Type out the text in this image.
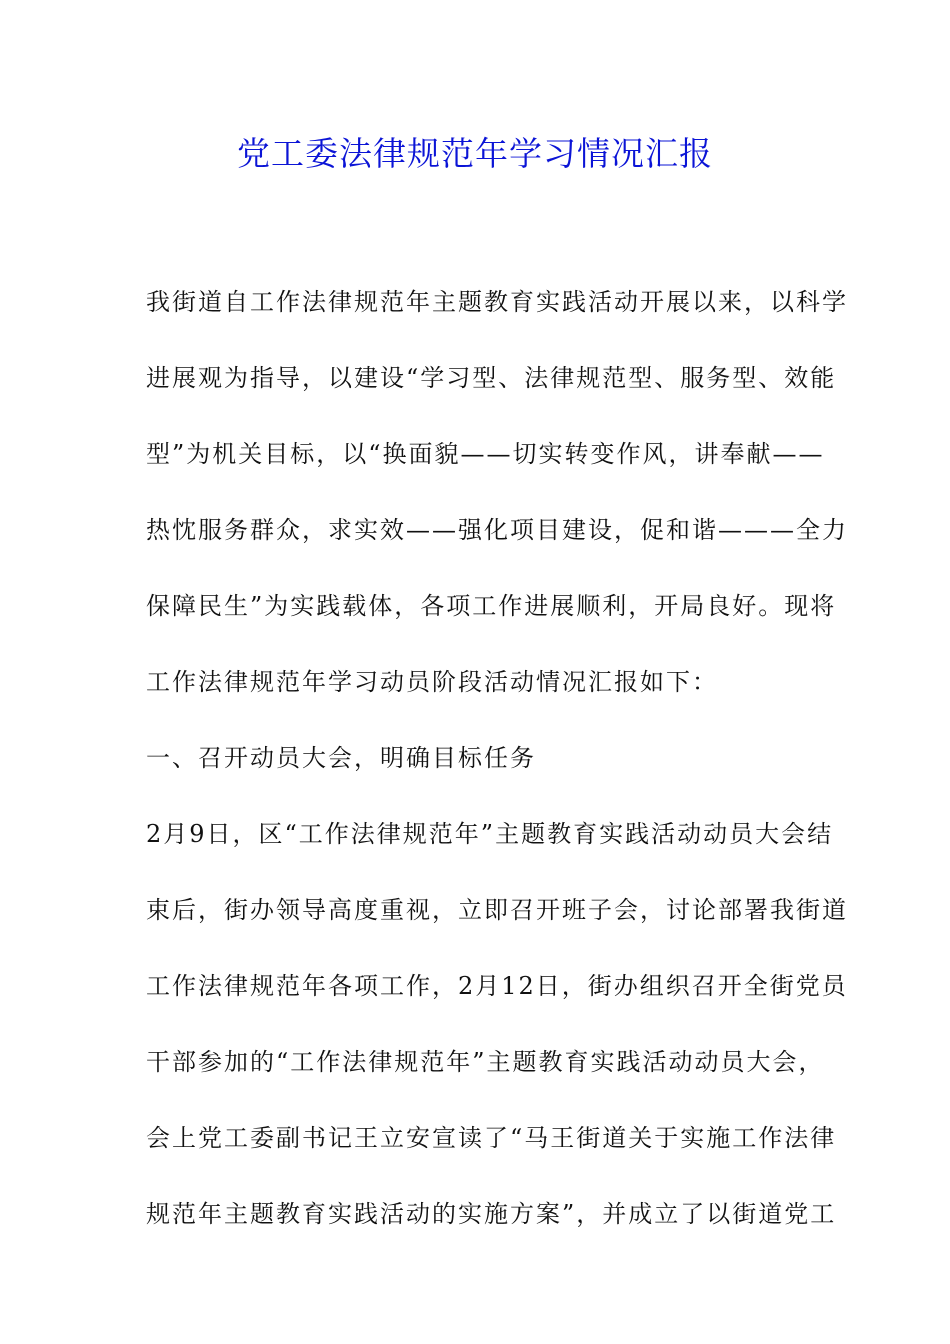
党工委法律规范年学习情况汇报
我街道自工作法律规范年主题教育实践活动开展以来，以科学
进展观为指导，以建设“学习型、法律规范型、服务型、效能
型”为机关目标，以“换面貌——切实转变作风，讲奉献——
热忱服务群众，求实效——强化项目建设，促和谐———全力
保障民生”为实践载体，各项工作进展顺利，开局良好。现将
工作法律规范年学习动员阶段活动情况汇报如下：
一、召开动员大会，明确目标任务
2月9日，区“工作法律规范年”主题教育实践活动动员大会结
束后，街办领导高度重视，立即召开班子会，讨论部署我街道
工作法律规范年各项工作，2月12日，街办组织召开全街党员
干部参加的“工作法律规范年”主题教育实践活动动员大会，
会上党工委副书记王立安宣读了“马王街道关于实施工作法律
规范年主题教育实践活动的实施方案”，并成立了以街道党工
